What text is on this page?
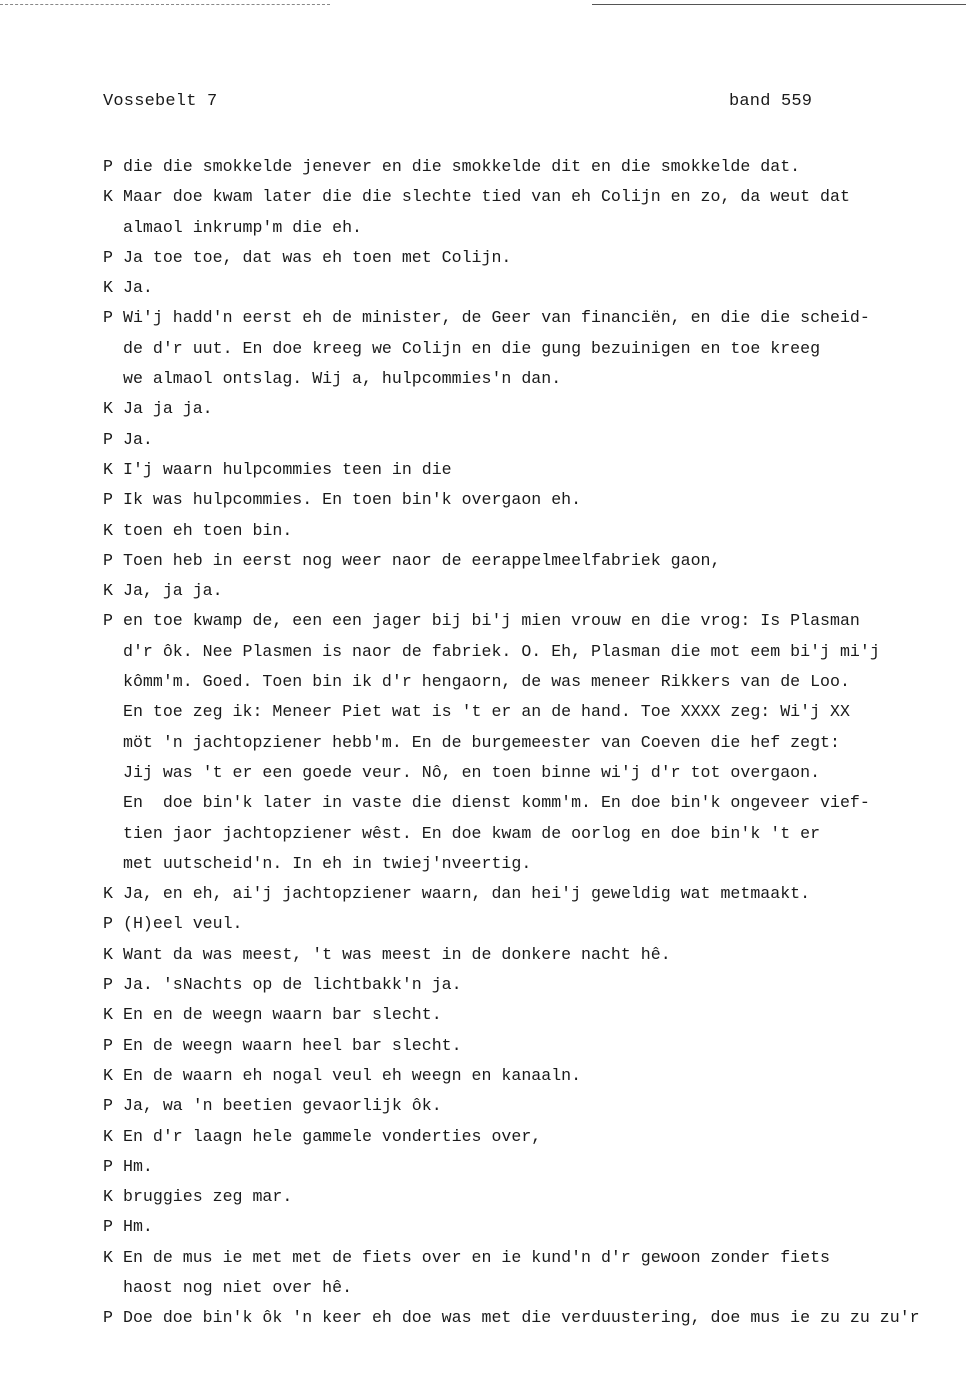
Vossebelt 7	band 559
P die die smokkelde jenever en die smokkelde dit en die smokkelde dat.
K Maar doe kwam later die die slechte tied van eh Colijn en zo, da weut dat
almaol inkrump'm die eh.
P Ja toe toe, dat was eh toen met Colijn.
K Ja.
P Wi'j hadd'n eerst eh de minister, de Geer van financiën, en die die scheid-
de d'r uut. En doe kreeg we Colijn en die gung bezuinigen en toe kreeg
we almaol ontslag. Wij a, hulpcommies'n dan.
K Ja ja ja.
P Ja.
K I'j waarn hulpcommies teen in die
P Ik was hulpcommies. En toen bin'k overgaon eh.
K toen eh toen bin.
P Toen heb in eerst nog weer naor de eerappelmeelfabriek gaon,
K Ja, ja ja.
P en toe kwamp de, een een jager bij bi'j mien vrouw en die vrog: Is Plasman
d'r ôk. Nee Plasmen is naor de fabriek. O. Eh, Plasman die mot eem bi'j mi'j
kômm'm. Goed. Toen bin ik d'r hengaorn, de was meneer Rikkers van de Loo.
En toe zeg ik: Meneer Piet wat is 't er an de hand. Toe XXXX zeg: Wi'j XX
möt 'n jachtopziener hebb'm. En de burgemeester van Coeven die hef zegt:
Jij was 't er een goede veur. Nô, en toen binne wi'j d'r tot overgaon.
En  doe bin'k later in vaste die dienst komm'm. En doe bin'k ongeveer vief-
tien jaor jachtopziener wêst. En doe kwam de oorlog en doe bin'k 't er
met uutscheid'n. In eh in twiej'nveertig.
K Ja, en eh, ai'j jachtopziener waarn, dan hei'j geweldig wat metmaakt.
P (H)eel veul.
K Want da was meest, 't was meest in de donkere nacht hê.
P Ja. 'sNachts op de lichtbakk'n ja.
K En en de weegn waarn bar slecht.
P En de weegn waarn heel bar slecht.
K En de waarn eh nogal veul eh weegn en kanaaln.
P Ja, wa 'n beetien gevaorlijk ôk.
K En d'r laagn hele gammele vonderties over,
P Hm.
K bruggies zeg mar.
P Hm.
K En de mus ie met met de fiets over en ie kund'n d'r gewoon zonder fiets
haost nog niet over hê.
P Doe doe bin'k ôk 'n keer eh doe was met die verduustering, doe mus ie zu zu zu'r
